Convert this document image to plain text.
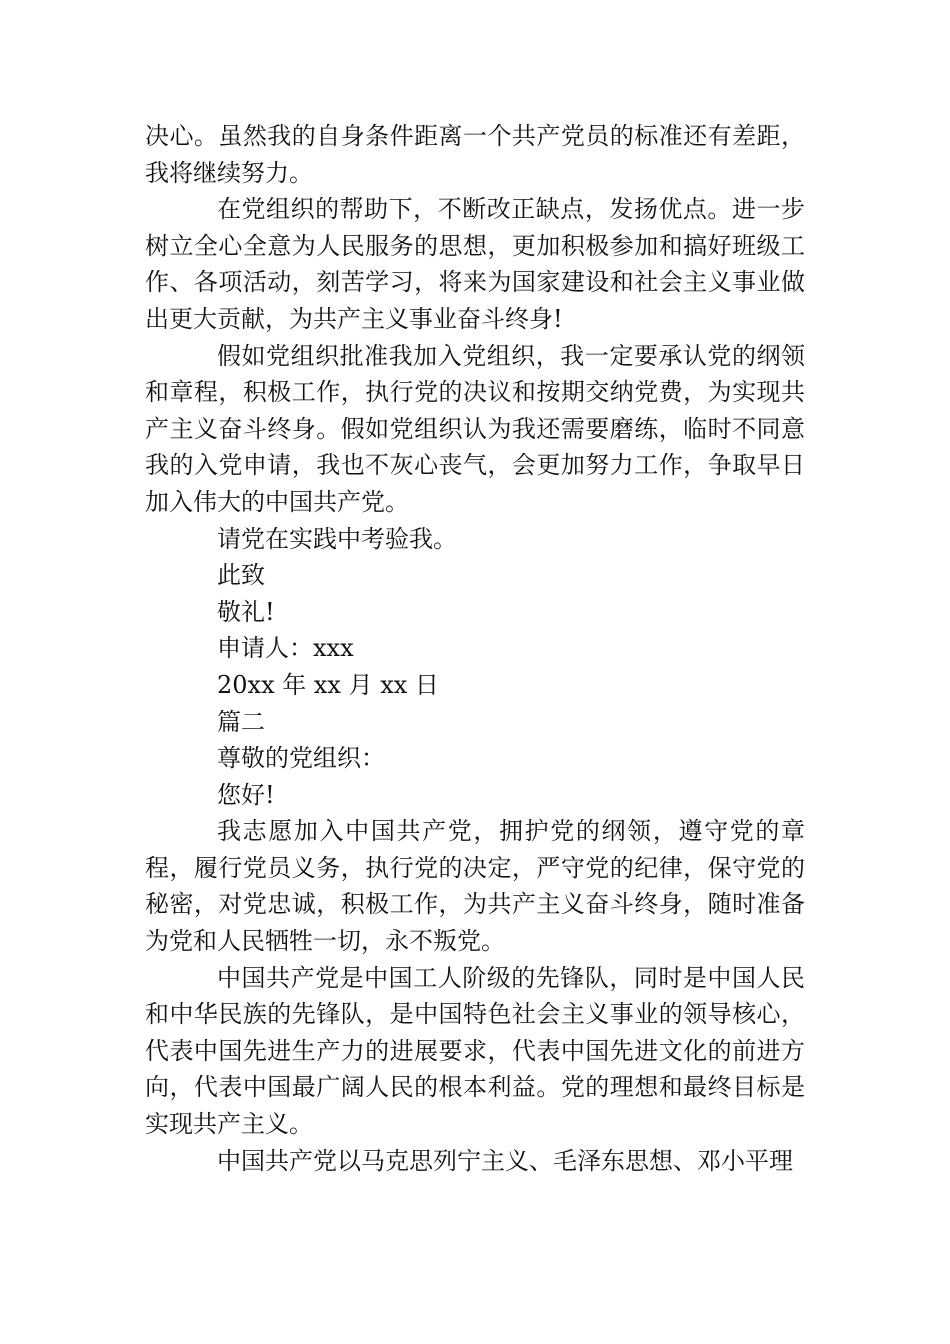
决心。虽然我的自身条件距离一个共产党员的标准还有差距，我将继续努力。

在党组织的帮助下，不断改正缺点，发扬优点。进一步树立全心全意为人民服务的思想，更加积极参加和搞好班级工作、各项活动，刻苦学习，将来为国家建设和社会主义事业做出更大贡献，为共产主义事业奋斗终身!

假如党组织批准我加入党组织，我一定要承认党的纲领和章程，积极工作，执行党的决议和按期交纳党费，为实现共产主义奋斗终身。假如党组织认为我还需要磨练，临时不同意我的入党申请，我也不灰心丧气，会更加努力工作，争取早日加入伟大的中国共产党。

请党在实践中考验我。

此致

敬礼!

申请人：xxx

20xx 年 xx 月 xx 日

篇二

尊敬的党组织：

您好!

我志愿加入中国共产党，拥护党的纲领，遵守党的章程，履行党员义务，执行党的决定，严守党的纪律，保守党的秘密，对党忠诚，积极工作，为共产主义奋斗终身，随时准备为党和人民牺牲一切，永不叛党。

中国共产党是中国工人阶级的先锋队，同时是中国人民和中华民族的先锋队，是中国特色社会主义事业的领导核心，代表中国先进生产力的进展要求，代表中国先进文化的前进方向，代表中国最广阔人民的根本利益。党的理想和最终目标是实现共产主义。

中国共产党以马克思列宁主义、毛泽东思想、邓小平理
